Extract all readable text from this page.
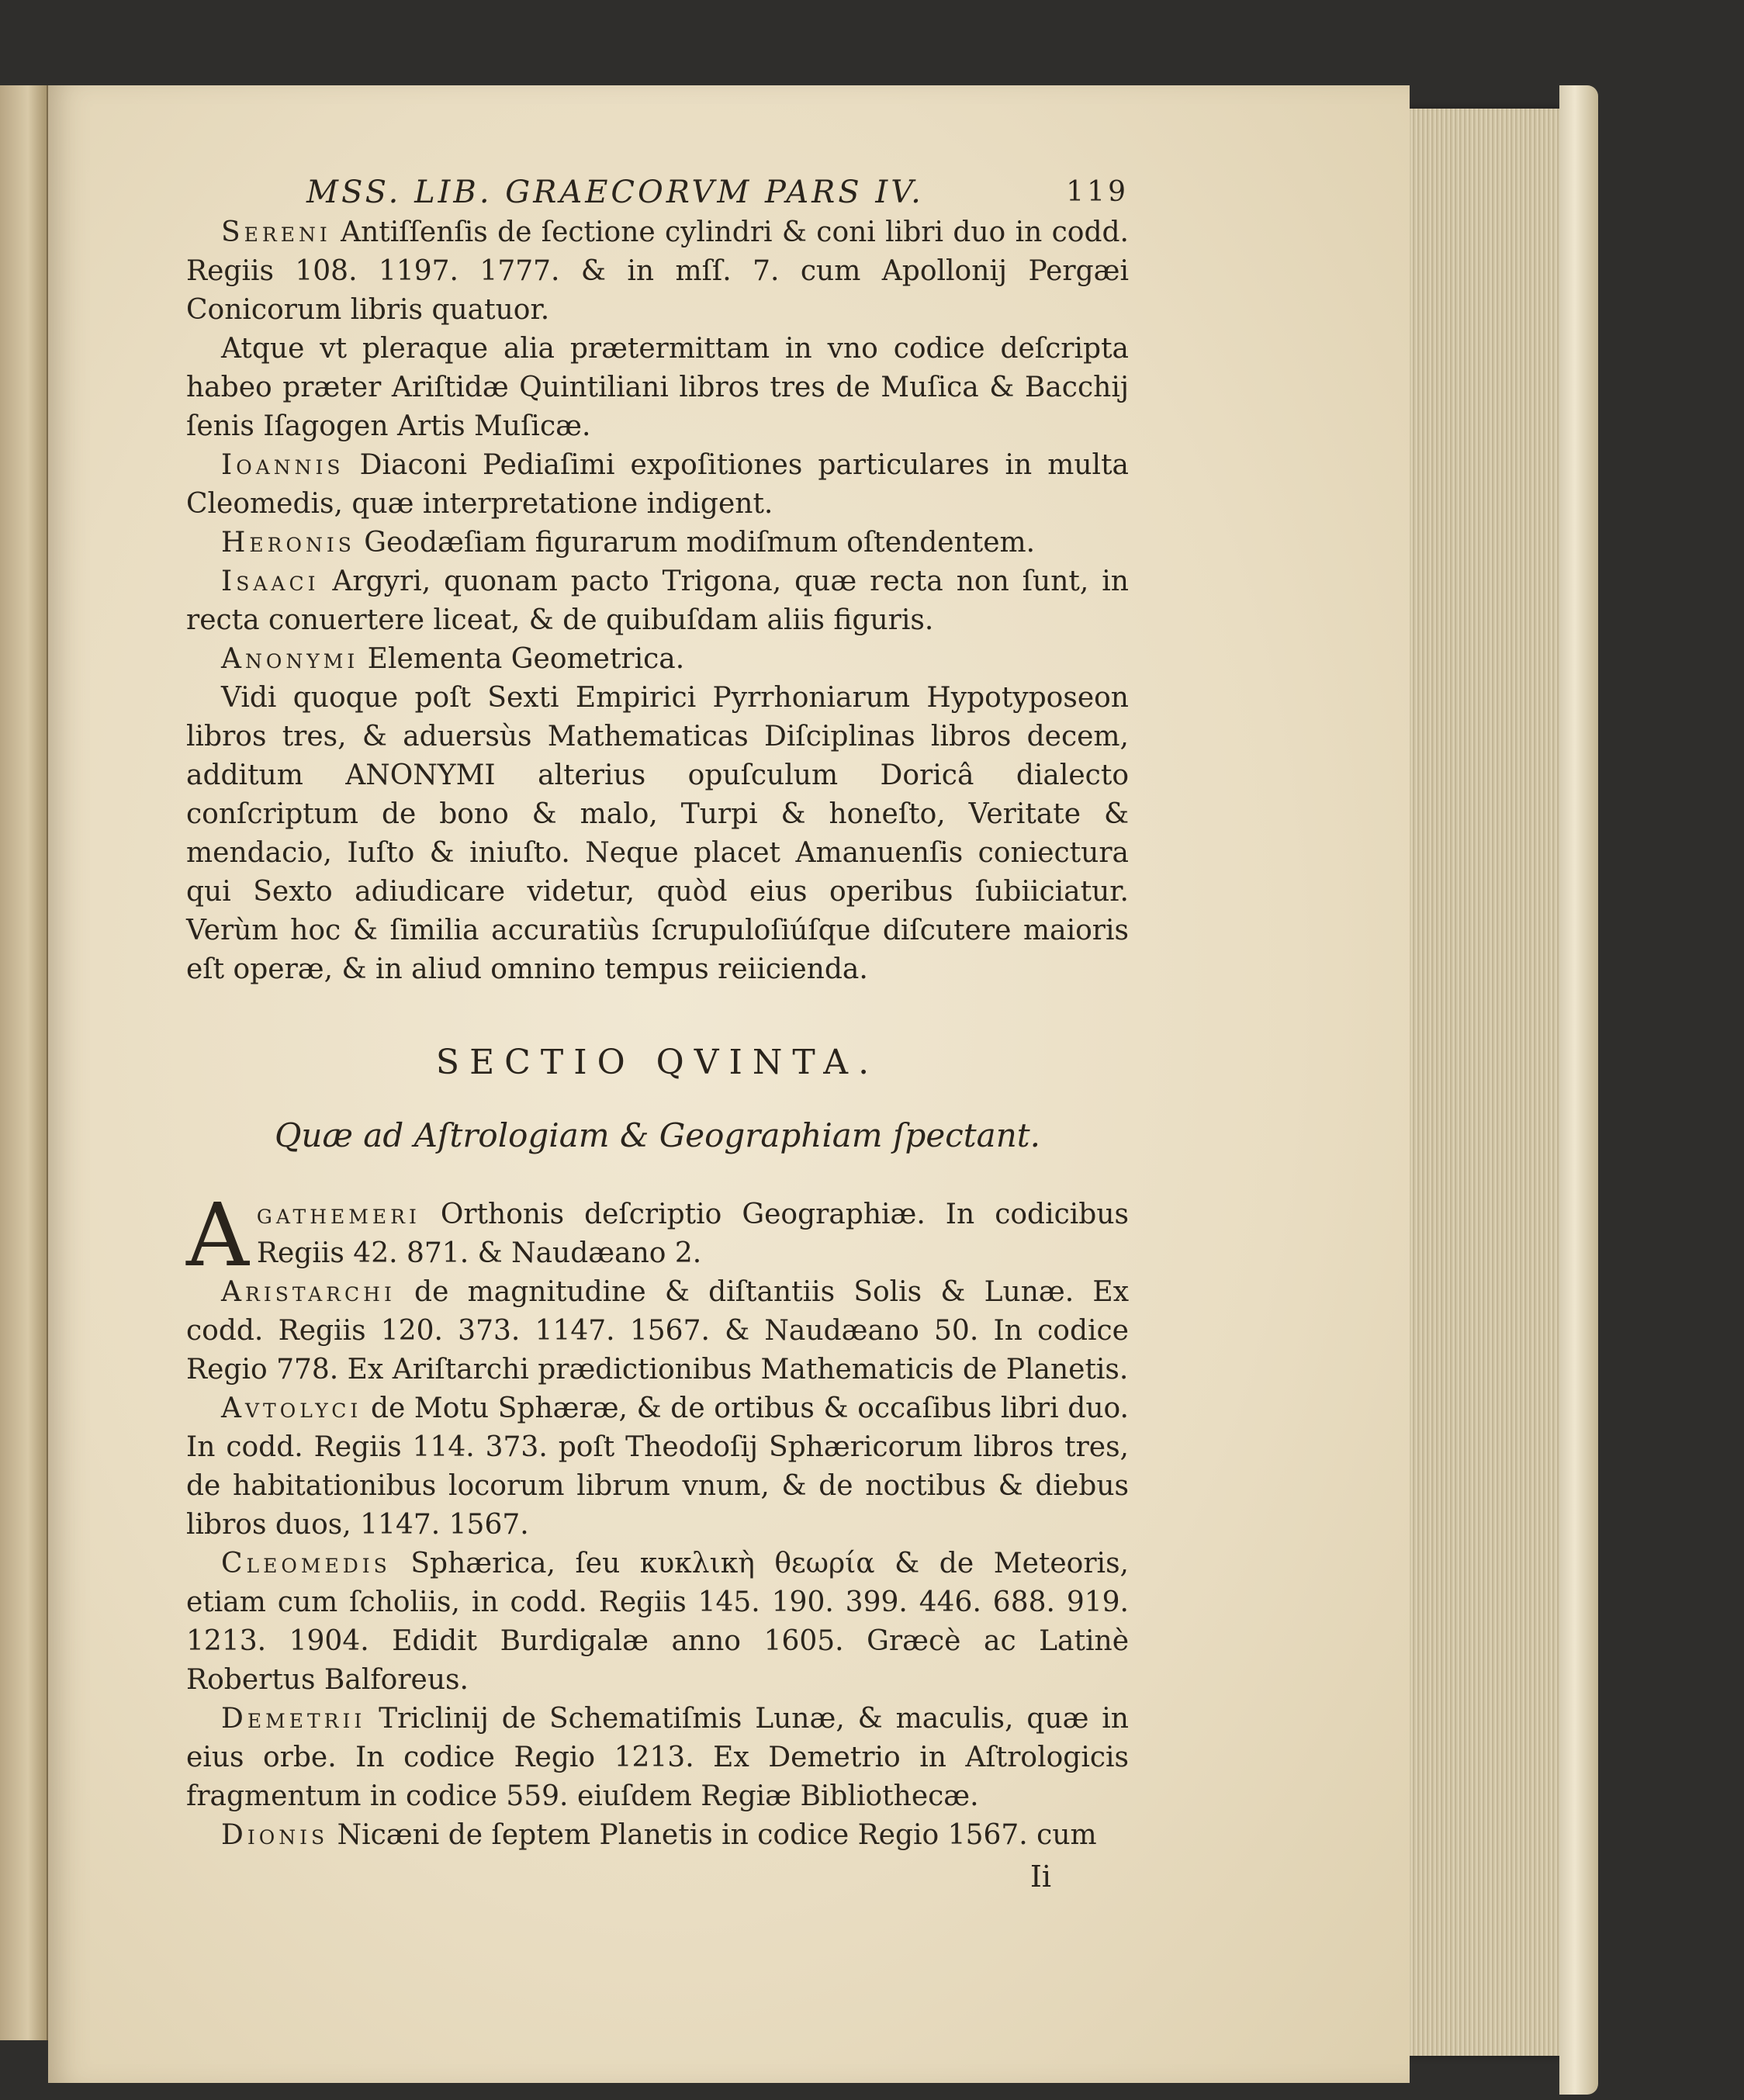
MSS. LIB. GRAECORVM PARS IV.	119

Sereni Antiſſenſis de ſectione cylindri & coni libri duo in codd. Regiis 108. 1197. 1777. & in mſſ. 7. cum Apollonij Pergæi Conicorum libris quatuor.

Atque vt pleraque alia prætermittam in vno codice deſcripta habeo præter Ariſtidæ Quintiliani libros tres de Muſica & Bacchij ſenis Iſagogen Artis Muſicæ.

Ioannis Diaconi Pediaſimi expoſitiones particulares in multa Cleomedis, quæ interpretatione indigent.

Heronis Geodæſiam figurarum modiſmum oſtendentem.

Isaaci Argyri, quonam pacto Trigona, quæ recta non ſunt, in recta conuertere liceat, & de quibuſdam aliis figuris.

Anonymi Elementa Geometrica.

Vidi quoque poſt Sexti Empirici Pyrrhoniarum Hypotyposeon libros tres, & aduersùs Mathematicas Diſciplinas libros decem, additum ANONYMI alterius opuſculum Doricâ dialecto conſcriptum de bono & malo, Turpi & honeſto, Veritate & mendacio, Iuſto & iniuſto. Neque placet Amanuenſis coniectura qui Sexto adiudicare videtur, quòd eius operibus ſubiiciatur. Verùm hoc & ſimilia accuratiùs ſcrupuloſiúſque diſcutere maioris eſt operæ, & in aliud omnino tempus reiicienda.

SECTIO QVINTA.
Quæ ad Aſtrologiam & Geographiam ſpectant.
A gathemeri Orthonis deſcriptio Geographiæ. In codicibus Regiis 42. 871. & Naudæano 2.

Aristarchi de magnitudine & diſtantiis Solis & Lunæ. Ex codd. Regiis 120. 373. 1147. 1567. & Naudæano 50. In codice Regio 778. Ex Ariſtarchi prædictionibus Mathematicis de Planetis.

Avtolyci de Motu Sphæræ, & de ortibus & occaſibus libri duo. In codd. Regiis 114. 373. poſt Theodoſij Sphæricorum libros tres, de habitationibus locorum librum vnum, & de noctibus & diebus libros duos, 1147. 1567.

Cleomedis Sphærica, ſeu κυκλικὴ θεωρία & de Meteoris, etiam cum ſcholiis, in codd. Regiis 145. 190. 399. 446. 688. 919. 1213. 1904. Edidit Burdigalæ anno 1605. Græcè ac Latinè Robertus Balforeus.

Demetrii Triclinij de Schematiſmis Lunæ, & maculis, quæ in eius orbe. In codice Regio 1213. Ex Demetrio in Aſtrologicis fragmentum in codice 559. eiuſdem Regiæ Bibliothecæ.

Dionis Nicæni de ſeptem Planetis in codice Regio 1567. cum

Ii
